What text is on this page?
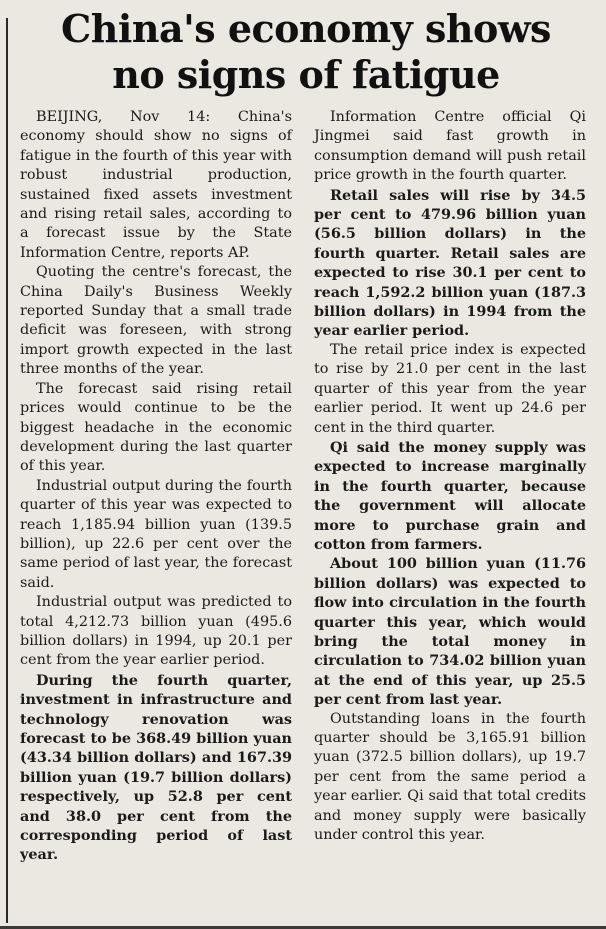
China's economy shows
no signs of fatigue

BEIJING, Nov 14: China's economy should show no signs of fatigue in the fourth of this year with robust industrial production, sustained fixed assets investment and rising retail sales, according to a forecast issue by the State Information Centre, reports AP.

Quoting the centre's forecast, the China Daily's Business Weekly reported Sunday that a small trade deficit was foreseen, with strong import growth expected in the last three months of the year.

The forecast said rising retail prices would continue to be the biggest headache in the economic development during the last quarter of this year.

Industrial output during the fourth quarter of this year was expected to reach 1,185.94 billion yuan (139.5 billion), up 22.6 per cent over the same period of last year, the forecast said.

Industrial output was predicted to total 4,212.73 billion yuan (495.6 billion dollars) in 1994, up 20.1 per cent from the year earlier period.

During the fourth quarter, investment in infrastructure and technology renovation was forecast to be 368.49 billion yuan (43.34 billion dollars) and 167.39 billion yuan (19.7 billion dollars) respectively, up 52.8 per cent and 38.0 per cent from the corresponding period of last year.

Information Centre official Qi Jingmei said fast growth in consumption demand will push retail price growth in the fourth quarter.

Retail sales will rise by 34.5 per cent to 479.96 billion yuan (56.5 billion dollars) in the fourth quarter. Retail sales are expected to rise 30.1 per cent to reach 1,592.2 billion yuan (187.3 billion dollars) in 1994 from the year earlier period.

The retail price index is expected to rise by 21.0 per cent in the last quarter of this year from the year earlier period. It went up 24.6 per cent in the third quarter.

Qi said the money supply was expected to increase marginally in the fourth quarter, because the government will allocate more to purchase grain and cotton from farmers.

About 100 billion yuan (11.76 billion dollars) was expected to flow into circulation in the fourth quarter this year, which would bring the total money in circulation to 734.02 billion yuan at the end of this year, up 25.5 per cent from last year.

Outstanding loans in the fourth quarter should be 3,165.91 billion yuan (372.5 billion dollars), up 19.7 per cent from the same period a year earlier. Qi said that total credits and money supply were basically under control this year.
